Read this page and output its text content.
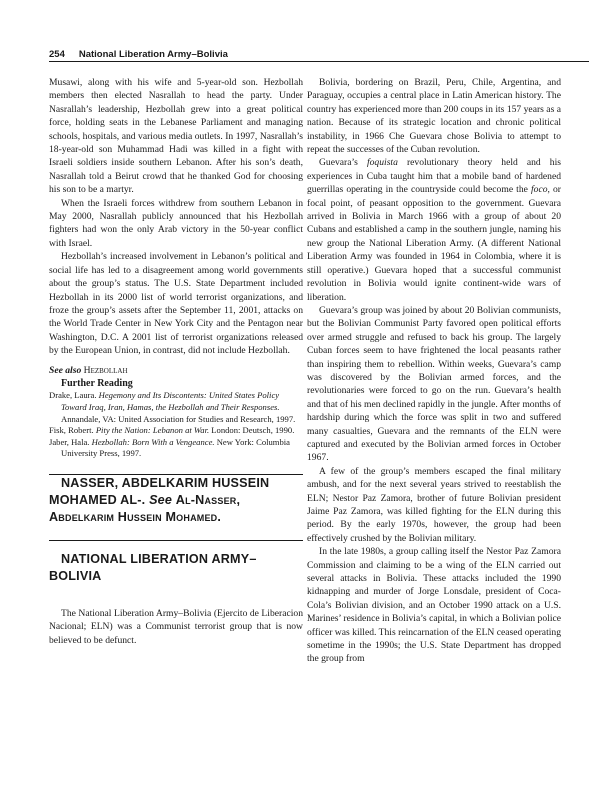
254 National Liberation Army–Bolivia

Musawi, along with his wife and 5-year-old son. Hezbollah members then elected Nasrallah to head the party. Under Nasrallah’s leadership, Hezbollah grew into a great political force, holding seats in the Lebanese Parliament and managing schools, hospitals, and various media outlets. In 1997, Nasrallah’s 18-year-old son Muhammad Hadi was killed in a fight with Israeli soldiers inside southern Lebanon. After his son’s death, Nasrallah told a Beirut crowd that he thanked God for choosing his son to be a martyr.

When the Israeli forces withdrew from southern Lebanon in May 2000, Nasrallah publicly announced that his Hezbollah fighters had won the only Arab victory in the 50-year conflict with Israel.

Hezbollah’s increased involvement in Lebanon’s political and social life has led to a disagreement among world governments about the group’s status. The U.S. State Department included Hezbollah in its 2000 list of world terrorist organizations, and froze the group’s assets after the September 11, 2001, attacks on the World Trade Center in New York City and the Pentagon near Washington, D.C. A 2001 list of terrorist organizations released by the European Union, in contrast, did not include Hezbollah.

See also Hezbollah

Further Reading

Drake, Laura. Hegemony and Its Discontents: United States Policy Toward Iraq, Iran, Hamas, the Hezbollah and Their Responses. Annandale, VA: United Association for Studies and Research, 1997.

Fisk, Robert. Pity the Nation: Lebanon at War. London: Deutsch, 1990.

Jaber, Hala. Hezbollah: Born With a Vengeance. New York: Columbia University Press, 1997.

NASSER, ABDELKARIM HUSSEIN MOHAMED AL-. See Al-Nasser, Abdelkarim Hussein Mohamed.

NATIONAL LIBERATION ARMY–BOLIVIA

The National Liberation Army–Bolivia (Ejercito de Liberacion Nacional; ELN) was a Communist terrorist group that is now believed to be defunct.

Bolivia, bordering on Brazil, Peru, Chile, Argentina, and Paraguay, occupies a central place in Latin American history. The country has experienced more than 200 coups in its 157 years as a nation. Because of its strategic location and chronic political instability, in 1966 Che Guevara chose Bolivia to attempt to repeat the successes of the Cuban revolution.

Guevara’s foquista revolutionary theory held and his experiences in Cuba taught him that a mobile band of hardened guerrillas operating in the countryside could become the foco, or focal point, of peasant opposition to the government. Guevara arrived in Bolivia in March 1966 with a group of about 20 Cubans and established a camp in the southern jungle, naming his new group the National Liberation Army. (A different National Liberation Army was founded in 1964 in Colombia, where it is still operative.) Guevara hoped that a successful communist revolution in Bolivia would ignite continent-wide wars of liberation.

Guevara’s group was joined by about 20 Bolivian communists, but the Bolivian Communist Party favored open political efforts over armed struggle and refused to back his group. The largely Cuban forces seem to have frightened the local peasants rather than inspiring them to rebellion. Within weeks, Guevara’s camp was discovered by the Bolivian armed forces, and the revolutionaries were forced to go on the run. Guevara’s health and that of his men declined rapidly in the jungle. After months of hardship during which the force was split in two and suffered many casualties, Guevara and the remnants of the ELN were captured and executed by the Bolivian armed forces in October 1967.

A few of the group’s members escaped the final military ambush, and for the next several years strived to reestablish the ELN; Nestor Paz Zamora, brother of future Bolivian president Jaime Paz Zamora, was killed fighting for the ELN during this period. By the early 1970s, however, the group had been effectively crushed by the Bolivian military.

In the late 1980s, a group calling itself the Nestor Paz Zamora Commission and claiming to be a wing of the ELN carried out several attacks in Bolivia. These attacks included the 1990 kidnapping and murder of Jorge Lonsdale, president of Coca-Cola’s Bolivian division, and an October 1990 attack on a U.S. Marines’ residence in Bolivia’s capital, in which a Bolivian police officer was killed. This reincarnation of the ELN ceased operating sometime in the 1990s; the U.S. State Department has dropped the group from
